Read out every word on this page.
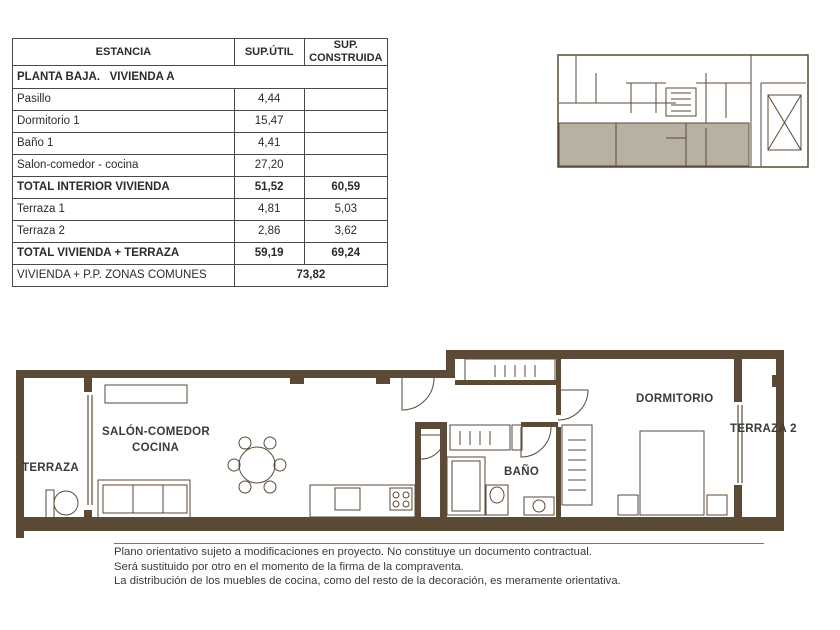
ESTANCIA	SUP.ÚTIL	SUP. CONSTRUIDA
PLANTA BAJA.   VIVIENDA A		
Pasillo	4,44	
Dormitorio 1	15,47	
Baño 1	4,41	
Salon-comedor - cocina	27,20	
TOTAL INTERIOR VIVIENDA	51,52	60,59
Terraza 1	4,81	5,03
Terraza 2	2,86	3,62
TOTAL VIVIENDA + TERRAZA	59,19	69,24
VIVIENDA + P.P. ZONAS COMUNES	73,82	
SALÓN-COMEDOR
COCINA
TERRAZA
DORMITORIO
TERRAZA 2
BAÑO
Plano orientativo sujeto a modificaciones en proyecto. No constituye un documento contractual.
Será sustituido por otro en el momento de la firma de la compraventa.
La distribución de los muebles de cocina, como del resto de la decoración, es meramente orientativa.
